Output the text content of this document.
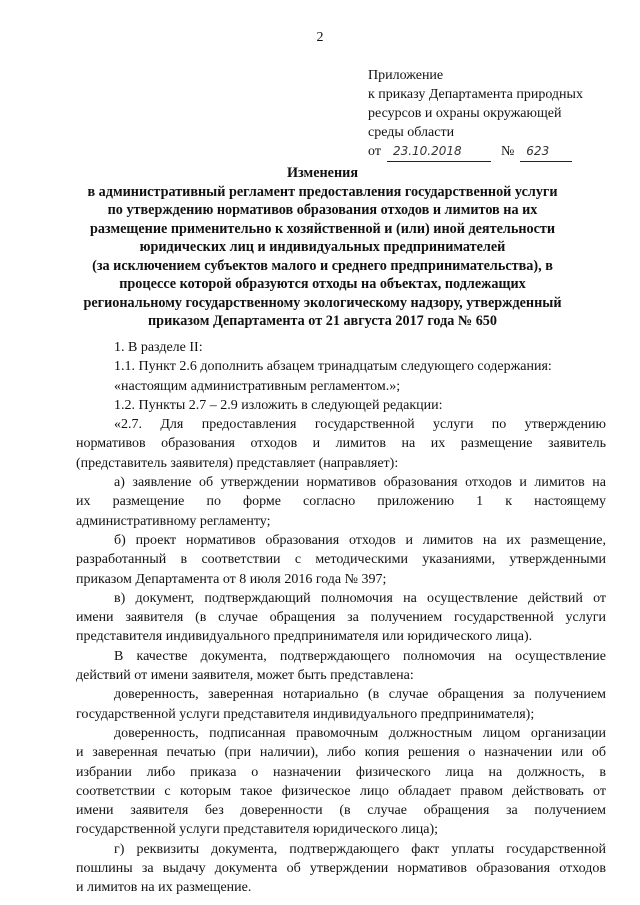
2
Приложение
к приказу Департамента природных
ресурсов и охраны окружающей
среды области
от	23.10.2018	№	623
Изменения
в административный регламент предоставления государственной услуги
по утверждению нормативов образования отходов и лимитов на их
размещение применительно к хозяйственной и (или) иной деятельности
юридических лиц и индивидуальных предпринимателей
(за исключением субъектов малого и среднего предпринимательства), в
процессе которой образуются отходы на объектах, подлежащих
региональному государственному экологическому надзору, утвержденный
приказом Департамента от 21 августа 2017 года № 650
1. В разделе II:
1.1. Пункт 2.6 дополнить абзацем тринадцатым следующего содержания:
«настоящим административным регламентом.»;
1.2. Пункты 2.7 – 2.9 изложить в следующей редакции:
«2.7. Для предоставления государственной услуги по утверждению
нормативов образования отходов и лимитов на их размещение заявитель
(представитель заявителя) представляет (направляет):
а) заявление об утверждении нормативов образования отходов и лимитов на
их размещение по форме согласно приложению 1 к настоящему
административному регламенту;
б) проект нормативов образования отходов и лимитов на их размещение,
разработанный в соответствии с методическими указаниями, утвержденными
приказом Департамента от 8 июля 2016 года № 397;
в) документ, подтверждающий полномочия на осуществление действий от
имени заявителя (в случае обращения за получением государственной услуги
представителя индивидуального предпринимателя или юридического лица).
В качестве документа, подтверждающего полномочия на осуществление
действий от имени заявителя, может быть представлена:
доверенность, заверенная нотариально (в случае обращения за получением
государственной услуги представителя индивидуального предпринимателя);
доверенность, подписанная правомочным должностным лицом организации
и заверенная печатью (при наличии), либо копия решения о назначении или об
избрании либо приказа о назначении физического лица на должность, в
соответствии с которым такое физическое лицо обладает правом действовать от
имени заявителя без доверенности (в случае обращения за получением
государственной услуги представителя юридического лица);
г) реквизиты документа, подтверждающего факт уплаты государственной
пошлины за выдачу документа об утверждении нормативов образования отходов
и лимитов на их размещение.
